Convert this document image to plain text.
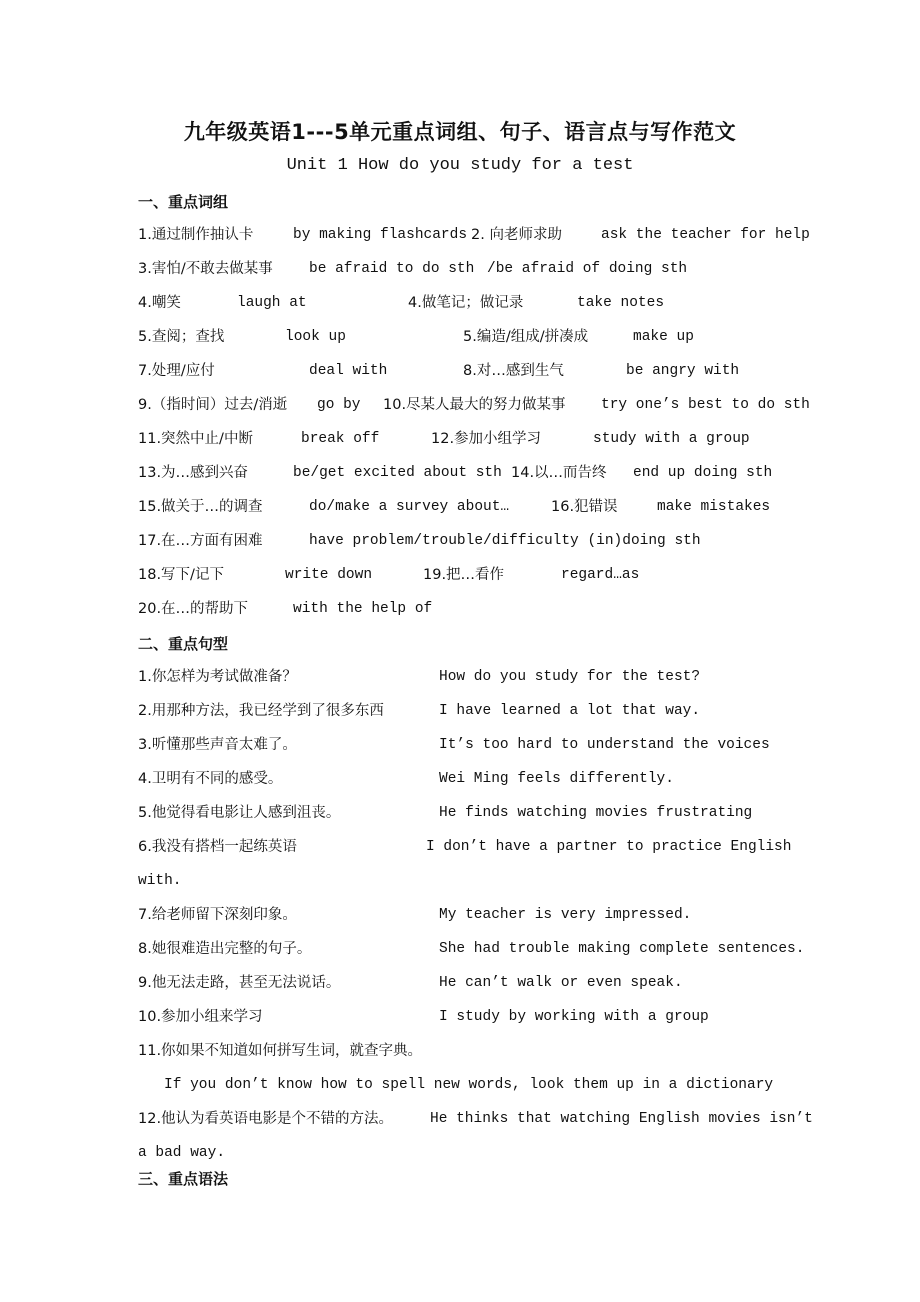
九年级英语1---5单元重点词组、句子、语言点与写作范文
Unit 1 How do you study for a test
一、重点词组
1.通过制作抽认卡	by making flashcards 2. 向老师求助	ask the teacher for help
3.害怕/不敢去做某事	be afraid to do sth /be afraid of doing sth
4.嘲笑	laugh at	4.做笔记；做记录	take notes
5.查阅；查找	look up	5.编造/组成/拼凑成	make up
7.处理/应付	deal with	8.对…感到生气	be angry with
9.（指时间）过去/消逝 go by 10.尽某人最大的努力做某事 try one’s best to do sth
11.突然中止/中断	break off	12.参加小组学习	study with a group
13.为…感到兴奋	be/get excited about sth 14.以…而告终 end up doing sth
15.做关于…的调查	do/make a survey about…	16.犯错误	make mistakes
17.在…方面有困难	have problem/trouble/difficulty (in)doing sth
18.写下/记下	write down	19.把…看作	regard…as
20.在…的帮助下	with the help of
二、重点句型
1.你怎样为考试做准备？	How do you study for the test?
2.用那种方法，我已经学到了很多东西	I have learned a lot that way.
3.听懂那些声音太难了。	It’s too hard to understand the voices
4.卫明有不同的感受。	Wei Ming feels differently.
5.他觉得看电影让人感到沮丧。	He finds watching movies frustrating
6.我没有搭档一起练英语	I don’t have a partner to practice English
with.
7.给老师留下深刻印象。	My teacher is very impressed.
8.她很难造出完整的句子。	She had trouble making complete sentences.
9.他无法走路，甚至无法说话。	He can’t walk or even speak.
10.参加小组来学习	I study by working with a group
11.你如果不知道如何拼写生词，就查字典。
If you don’t know how to spell new words, look them up in a dictionary
12.他认为看英语电影是个不错的方法。	He thinks that watching English movies isn’t
a bad way.
三、重点语法
